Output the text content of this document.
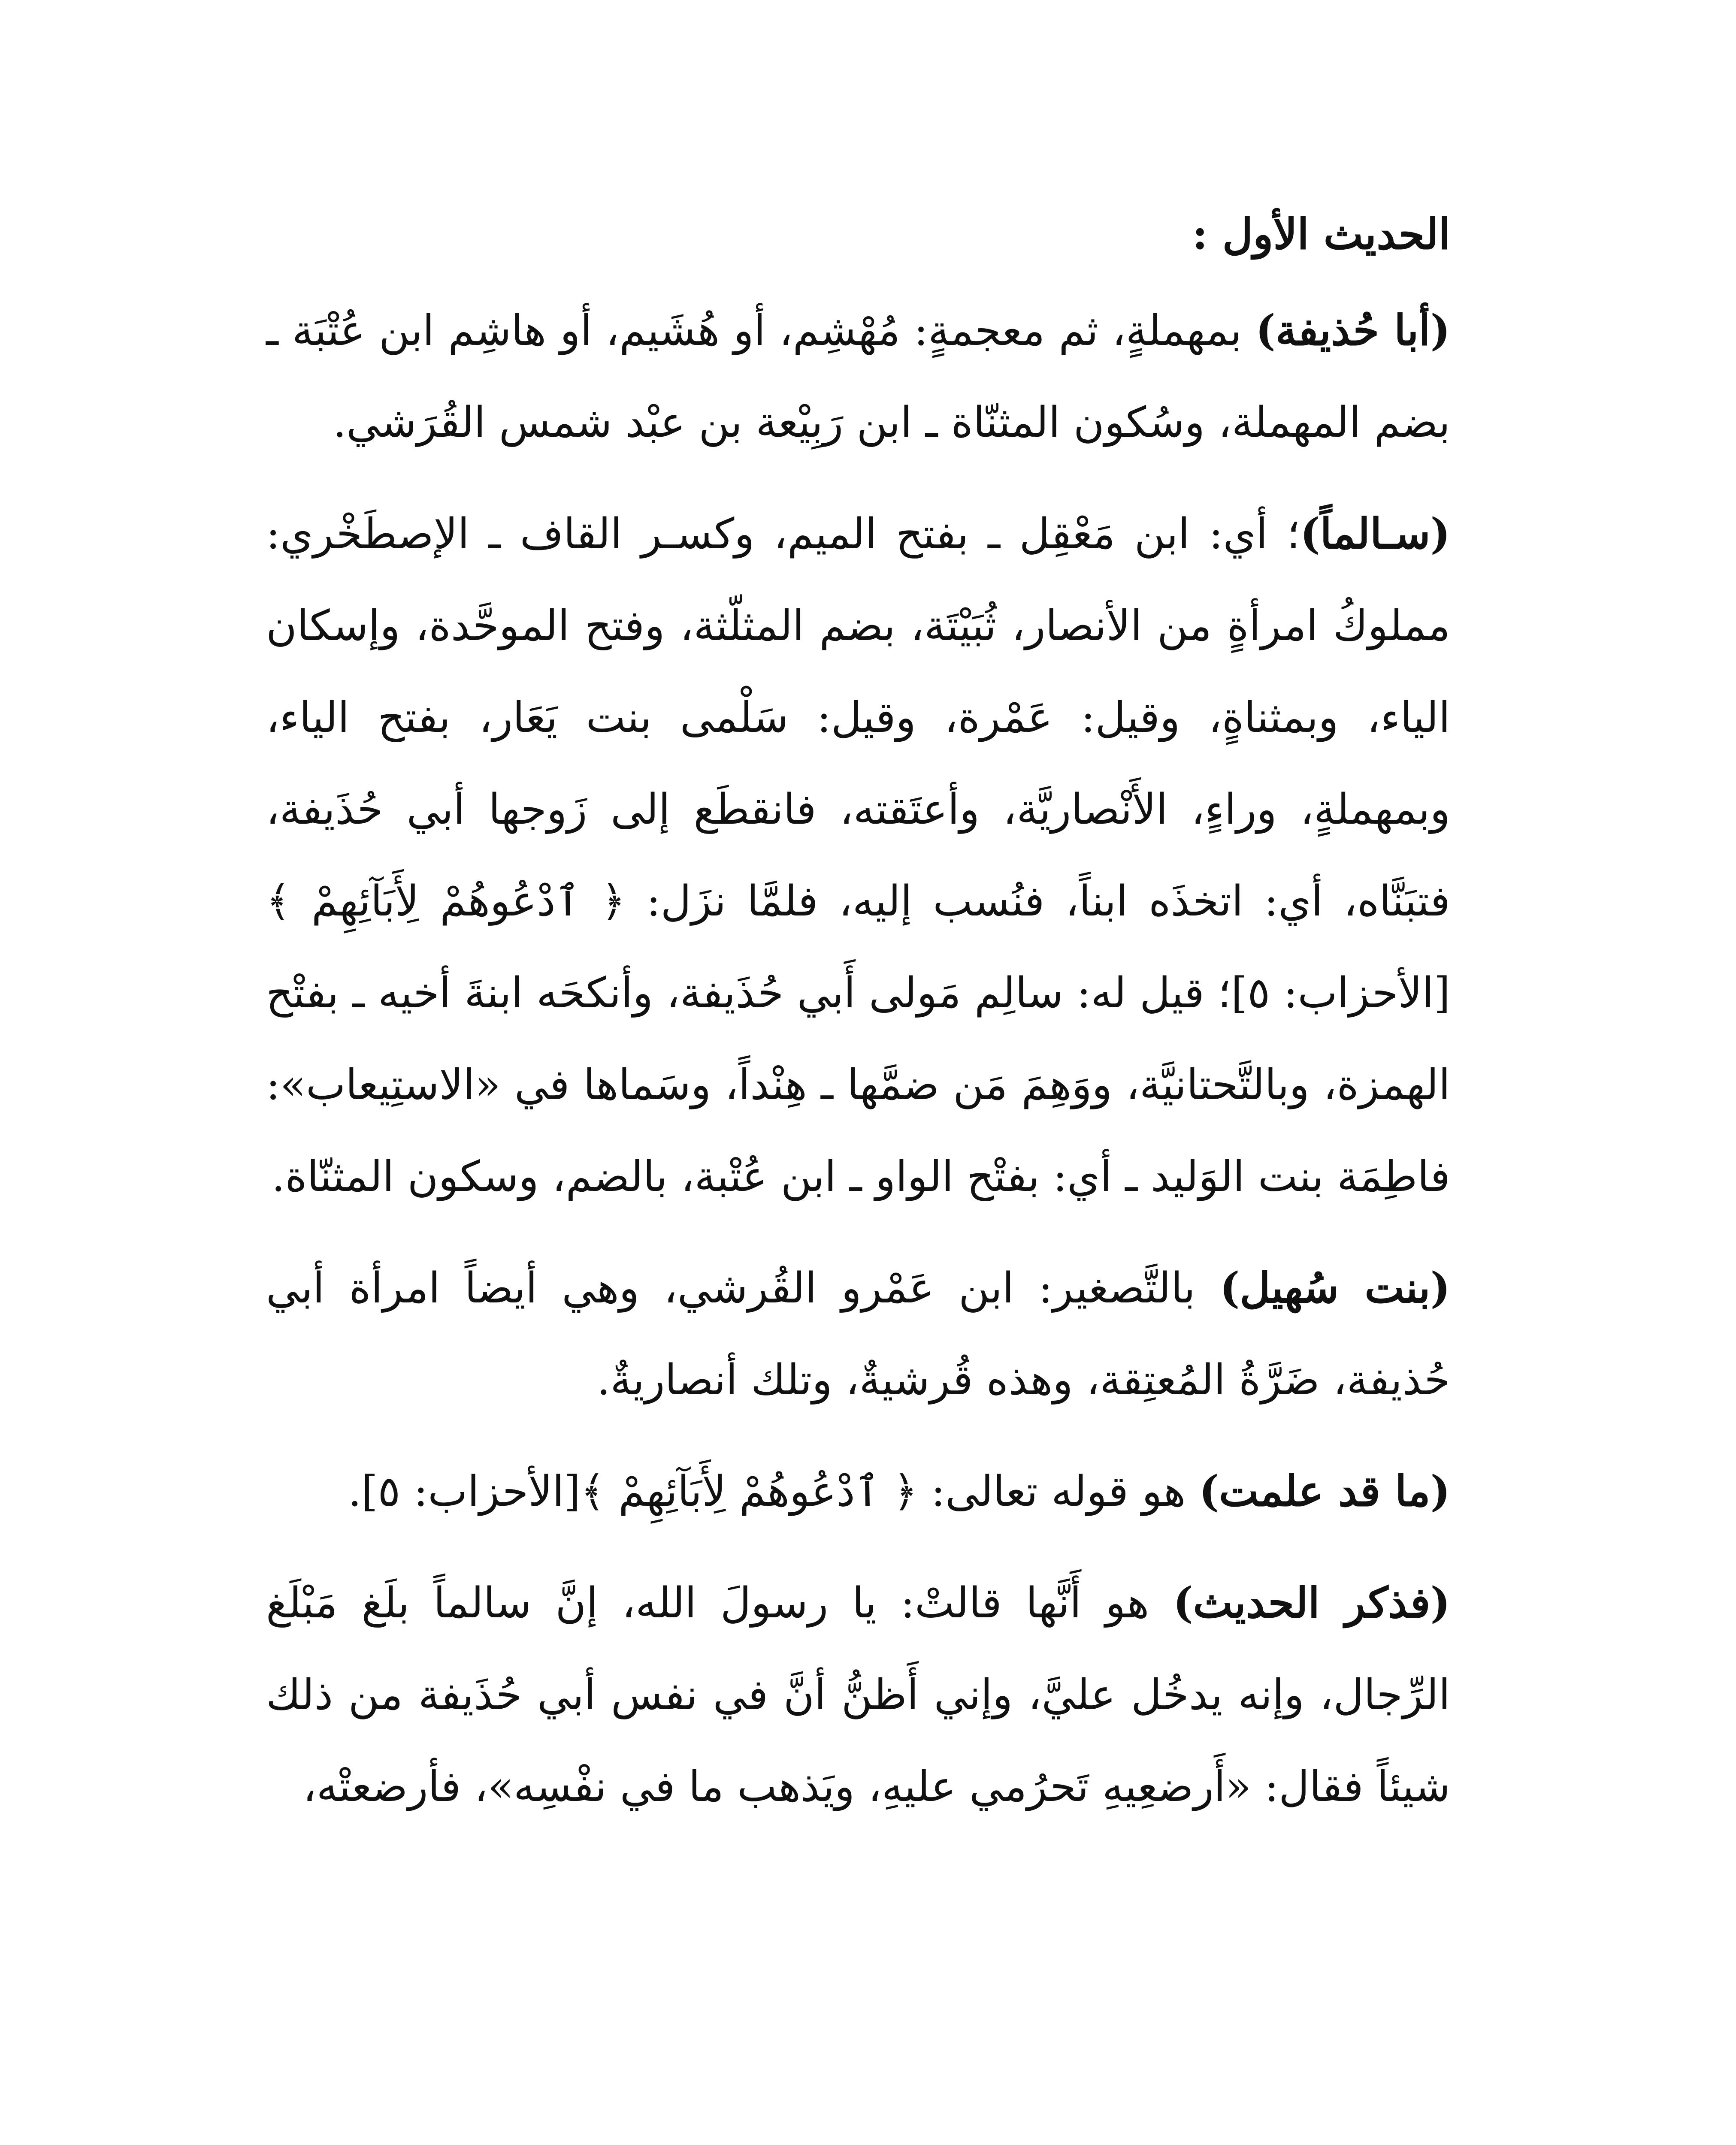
الحديث الأول :

(أبا حُذيفة) بمهملةٍ، ثم معجمةٍ: مُهْشِم، أو هُشَيم، أو هاشِم ابن عُتْبَة ـ بضم المهملة، وسُكون المثنّاة ـ ابن رَبِيْعة بن عبْد شمس القُرَشي.

(سـالماً)؛ أي: ابن مَعْقِل ـ بفتح الميم، وكسـر القاف ـ الإصطَخْري: مملوكُ امرأةٍ من الأنصار، ثُبَيْتَة، بضم المثلّثة، وفتح الموحَّدة، وإسكان الياء، وبمثناةٍ، وقيل: عَمْرة، وقيل: سَلْمى بنت يَعَار، بفتح الياء، وبمهملةٍ، وراءٍ، الأَنْصاريَّة، وأعتَقته، فانقطَع إلى زَوجها أبي حُذَيفة، فتبَنَّاه، أي: اتخذَه ابناً، فنُسب إليه، فلمَّا نزَل: ﴿ ٱدْعُوهُمْ لِأَبَآئِهِمْ ﴾[الأحزاب: ٥]؛ قيل له: سالِم مَولى أَبي حُذَيفة، وأنكحَه ابنةَ أخيه ـ بفتْح الهمزة، وبالتَّحتانيَّة، ووَهِمَ مَن ضمَّها ـ هِنْداً، وسَماها في «الاستِيعاب»: فاطِمَة بنت الوَليد ـ أي: بفتْح الواو ـ ابن عُتْبة، بالضم، وسكون المثنّاة.

(بنت سُهيل) بالتَّصغير: ابن عَمْرو القُرشي، وهي أيضاً امرأة أبي حُذيفة، ضَرَّةُ المُعتِقة، وهذه قُرشيةٌ، وتلك أنصاريةٌ.

(ما قد علمت) هو قوله تعالى: ﴿ ٱدْعُوهُمْ لِأَبَآئِهِمْ ﴾[الأحزاب: ٥].

(فذكر الحديث) هو أَنَّها قالتْ: يا رسولَ الله، إنَّ سالماً بلَغ مَبْلَغ الرِّجال، وإنه يدخُل عليَّ، وإني أَظنُّ أنَّ في نفس أبي حُذَيفة من ذلك شيئاً فقال: «أَرضعِيهِ تَحرُمي عليهِ، ويَذهب ما في نفْسِه»، فأرضعتْه،
